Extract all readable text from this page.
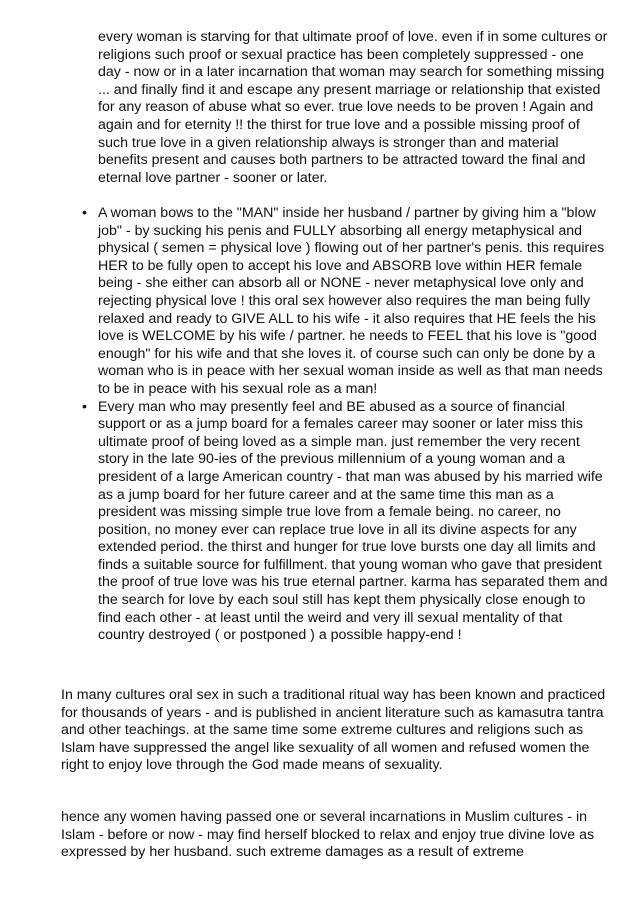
every woman is starving for that ultimate proof of love. even if in some cultures or religions such proof or sexual practice has been completely suppressed - one day - now or in a later incarnation that woman may search for something missing ... and finally find it and escape any present marriage or relationship that existed for any reason of abuse what so ever. true love needs to be proven ! Again and again and for eternity !! the thirst for true love and a possible missing proof of such true love in a given relationship always is stronger than and material benefits present and causes both partners to be attracted toward the final and eternal love partner - sooner or later.

• A woman bows to the "MAN" inside her husband / partner by giving him a "blow job" - by sucking his penis and FULLY absorbing all energy metaphysical and physical ( semen = physical love ) flowing out of her partner's penis. this requires HER to be fully open to accept his love and ABSORB love within HER female being - she either can absorb all or NONE - never metaphysical love only and rejecting physical love ! this oral sex however also requires the man being fully relaxed and ready to GIVE ALL to his wife - it also requires that HE feels the his love is WELCOME by his wife / partner. he needs to FEEL that his love is "good enough" for his wife and that she loves it. of course such can only be done by a woman who is in peace with her sexual woman inside as well as that man needs to be in peace with his sexual role as a man!

• Every man who may presently feel and BE abused as a source of financial support or as a jump board for a females career may sooner or later miss this ultimate proof of being loved as a simple man. just remember the very recent story in the late 90-ies of the previous millennium of a young woman and a president of a large American country - that man was abused by his married wife as a jump board for her future career and at the same time this man as a president was missing simple true love from a female being. no career, no position, no money ever can replace true love in all its divine aspects for any extended period. the thirst and hunger for true love bursts one day all limits and finds a suitable source for fulfillment. that young woman who gave that president the proof of true love was his true eternal partner. karma has separated them and the search for love by each soul still has kept them physically close enough to find each other - at least until the weird and very ill sexual mentality of that country destroyed ( or postponed ) a possible happy-end !

In many cultures oral sex in such a traditional ritual way has been known and practiced for thousands of years - and is published in ancient literature such as kamasutra tantra and other teachings. at the same time some extreme cultures and religions such as Islam have suppressed the angel like sexuality of all women and refused women the right to enjoy love through the God made means of sexuality.

hence any women having passed one or several incarnations in Muslim cultures - in Islam - before or now - may find herself blocked to relax and enjoy true divine love as expressed by her husband. such extreme damages as a result of extreme
